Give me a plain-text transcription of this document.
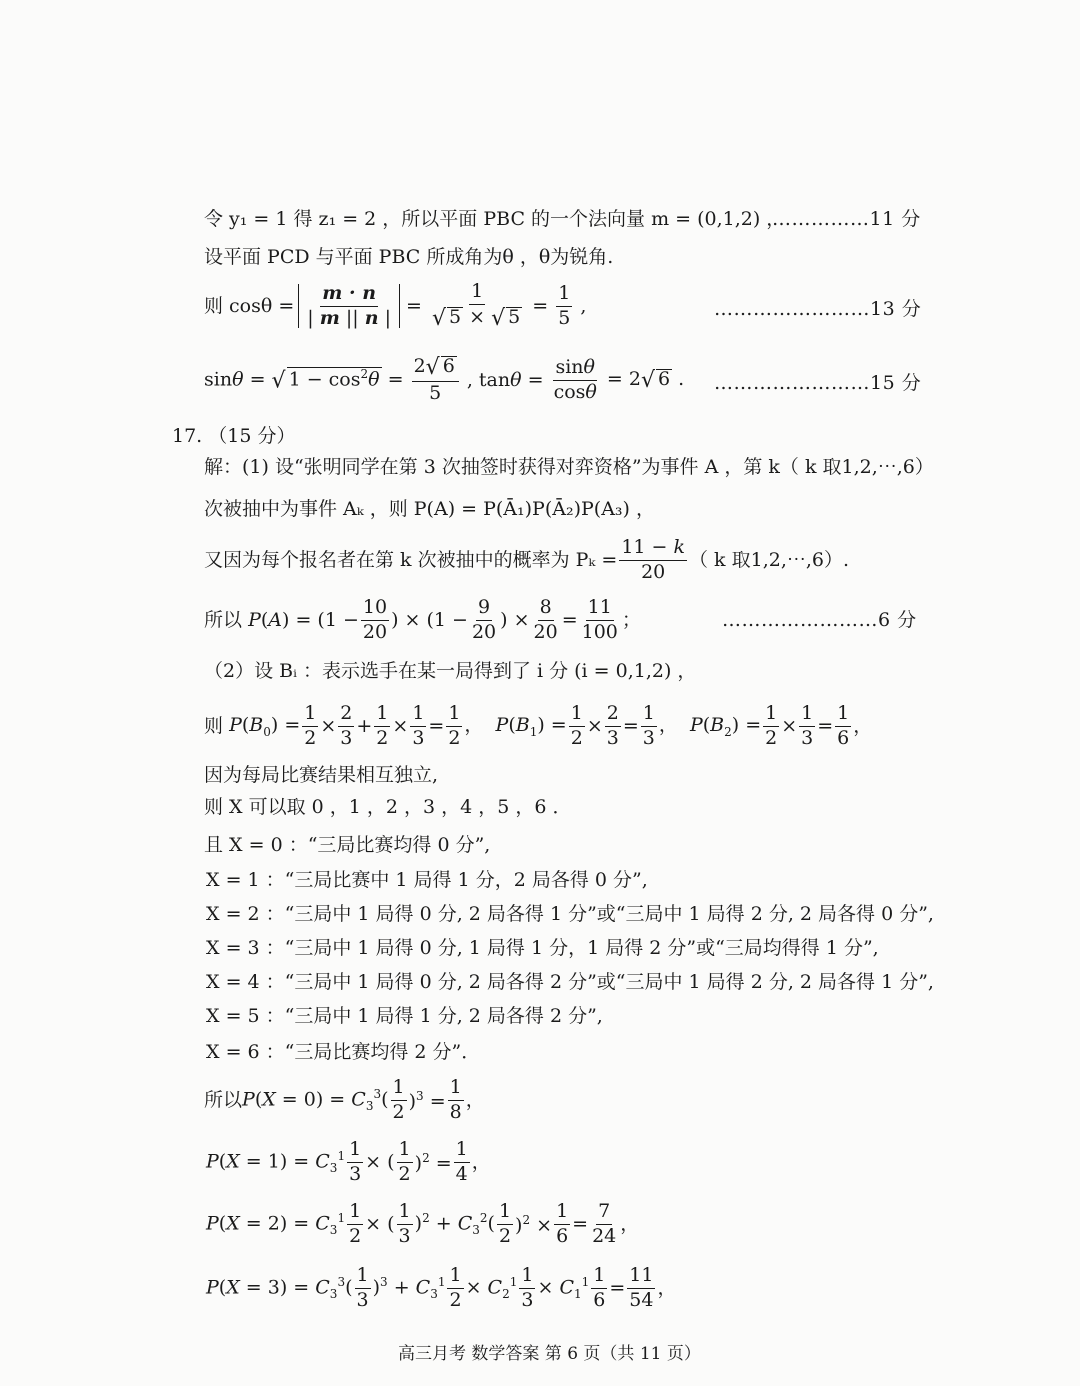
令 y₁ = 1 得 z₁ = 2 ，所以平面 PBC 的一个法向量 m = (0,1,2) ，
……………11 分
设平面 PCD 与平面 PBC 所成角为θ ，θ为锐角.
则 $\cos\theta = \frac{m \cdot n}{| m || n |} = \frac{1}{√ 5 \times √ 5} = \frac{1}{5}$ ,	……………………13 分
sinθ = √ $1 - \cos^2\theta = \frac{2√ 6}{5}$ , $\tan\theta = \frac{\sin\theta}{\cos\theta} = 2√$ 6 . ……………………15 分
17. （15 分）
解：(1) 设“张明同学在第 3 次抽签时获得对弈资格”为事件 A ，第 k（ k 取1,2,⋯,6）
次被抽中为事件 Aₖ ，则 P(A) = P(Ā₁)P(Ā₂)P(A₃) ，
又因为每个报名者在第 k 次被抽中的概率为 $P_k = \frac{11 - k}{20}$ （ k 取1,2,⋯,6）.
所以 $P(A) = (1 - \frac{10}{20}$ ) × ($1 - \frac{9}{20}$ ) × $\frac{8}{20} = \frac{11}{100}$ ；	……………………6 分
（2）设 Bᵢ ：表示选手在某一局得到了 i 分 (i = 0,1,2) ，
则 $P(B_0) = \frac{1}{2} \times \frac{2}{3} + \frac{1}{2} \times \frac{1}{3} = \frac{1}{2}$ ，  $P(B_1) = \frac{1}{2} \times \frac{2}{3} = \frac{1}{3}$ ，  $P(B_2) = \frac{1}{2} \times \frac{1}{3} = \frac{1}{6}$ ，
因为每局比赛结果相互独立,
则 X 可以取 0 ，1 ，2 ，3 ，4 ，5 ，6 ．
且 X = 0 ：“三局比赛均得 0 分”,
X = 1 ：“三局比赛中 1 局得 1 分，2 局各得 0 分”,
X = 2 ：“三局中 1 局得 0 分, 2 局各得 1 分”或“三局中 1 局得 2 分, 2 局各得 0 分”,
X = 3 ：“三局中 1 局得 0 分, 1 局得 1 分，1 局得 2 分”或“三局均得得 1 分”,
X = 4 ：“三局中 1 局得 0 分, 2 局各得 2 分”或“三局中 1 局得 2 分, 2 局各得 1 分”,
X = 5 ：“三局中 1 局得 1 分, 2 局各得 2 分”,
X = 6 ：“三局比赛均得 2 分”．
所以 $P(X = 0) = C_3^3( \frac{1}{2} )^3 = \frac{1}{8}$ ，
$P(X = 1) = C_3^1 \frac{1}{3}$ × ( $\frac{1}{2} )^2 = \frac{1}{4}$ ，
$P(X = 2) = C_3^1 \frac{1}{2}$ × ( $\frac{1}{3} )^2 + C_3^2( \frac{1}{2} )^2 \times \frac{1}{6} = \frac{7}{24}$ ，
$P(X = 3) = C_3^3( \frac{1}{3} )^3 + C_3^1 \frac{1}{2} \times C_2^1 \frac{1}{3} \times C_1^1 \frac{1}{6} = \frac{11}{54}$ ，
高三月考 数学答案 第 6 页（共 11 页）
